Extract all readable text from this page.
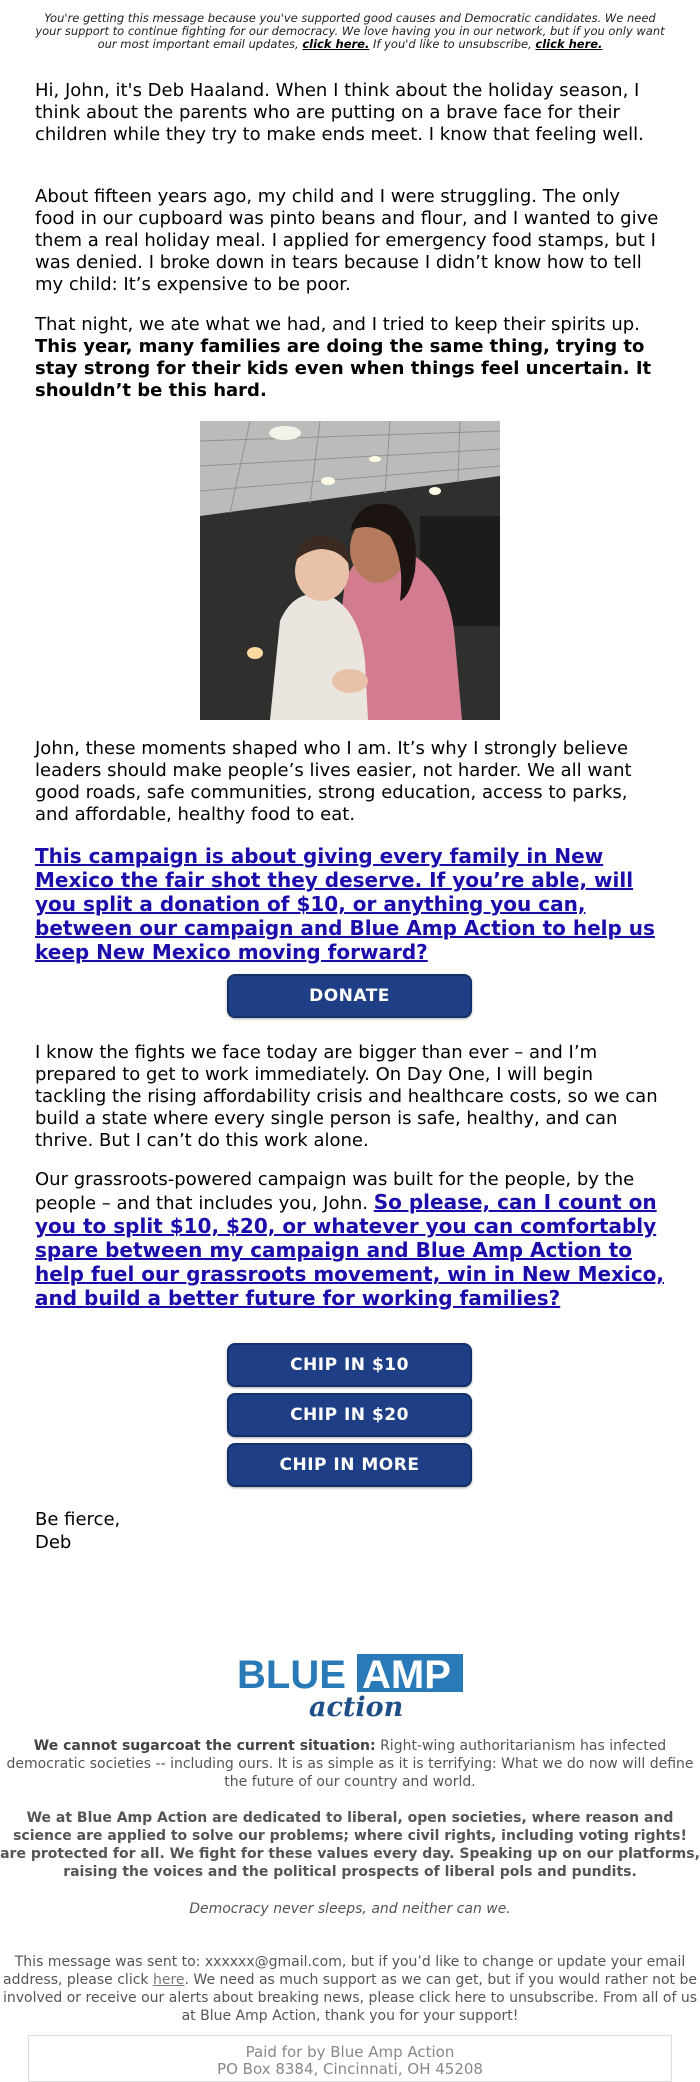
You're getting this message because you've supported good causes and Democratic candidates. We need your support to continue fighting for our democracy. We love having you in our network, but if you only want our most important email updates, click here. If you'd like to unsubscribe, click here.

Hi, John, it's Deb Haaland. When I think about the holiday season, I think about the parents who are putting on a brave face for their children while they try to make ends meet. I know that feeling well.

About fifteen years ago, my child and I were struggling. The only food in our cupboard was pinto beans and flour, and I wanted to give them a real holiday meal. I applied for emergency food stamps, but I was denied. I broke down in tears because I didn’t know how to tell my child: It’s expensive to be poor.

That night, we ate what we had, and I tried to keep their spirits up. This year, many families are doing the same thing, trying to stay strong for their kids even when things feel uncertain. It shouldn’t be this hard.

John, these moments shaped who I am. It’s why I strongly believe leaders should make people’s lives easier, not harder. We all want good roads, safe communities, strong education, access to parks, and affordable, healthy food to eat.

This campaign is about giving every family in New Mexico the fair shot they deserve. If you’re able, will you split a donation of $10, or anything you can, between our campaign and Blue Amp Action to help us keep New Mexico moving forward?

DONATE

I know the fights we face today are bigger than ever – and I’m prepared to get to work immediately. On Day One, I will begin tackling the rising affordability crisis and healthcare costs, so we can build a state where every single person is safe, healthy, and can thrive. But I can’t do this work alone.

Our grassroots-powered campaign was built for the people, by the people – and that includes you, John. So please, can I count on you to split $10, $20, or whatever you can comfortably spare between my campaign and Blue Amp Action to help fuel our grassroots movement, win in New Mexico, and build a better future for working families?

CHIP IN $10
CHIP IN $20
CHIP IN MORE
Be fierce,
Deb
BLUE AMP
action

We cannot sugarcoat the current situation: Right-wing authoritarianism has infected democratic societies -- including ours. It is as simple as it is terrifying: What we do now will define the future of our country and world.

We at Blue Amp Action are dedicated to liberal, open societies, where reason and science are applied to solve our problems; where civil rights, including voting rights! are protected for all. We fight for these values every day. Speaking up on our platforms, raising the voices and the political prospects of liberal pols and pundits.

Democracy never sleeps, and neither can we.

This message was sent to: xxxxxx@gmail.com, but if you’d like to change or update your email address, please click here. We need as much support as we can get, but if you would rather not be involved or receive our alerts about breaking news, please click here to unsubscribe. From all of us at Blue Amp Action, thank you for your support!

Paid for by Blue Amp Action
PO Box 8384, Cincinnati, OH 45208
